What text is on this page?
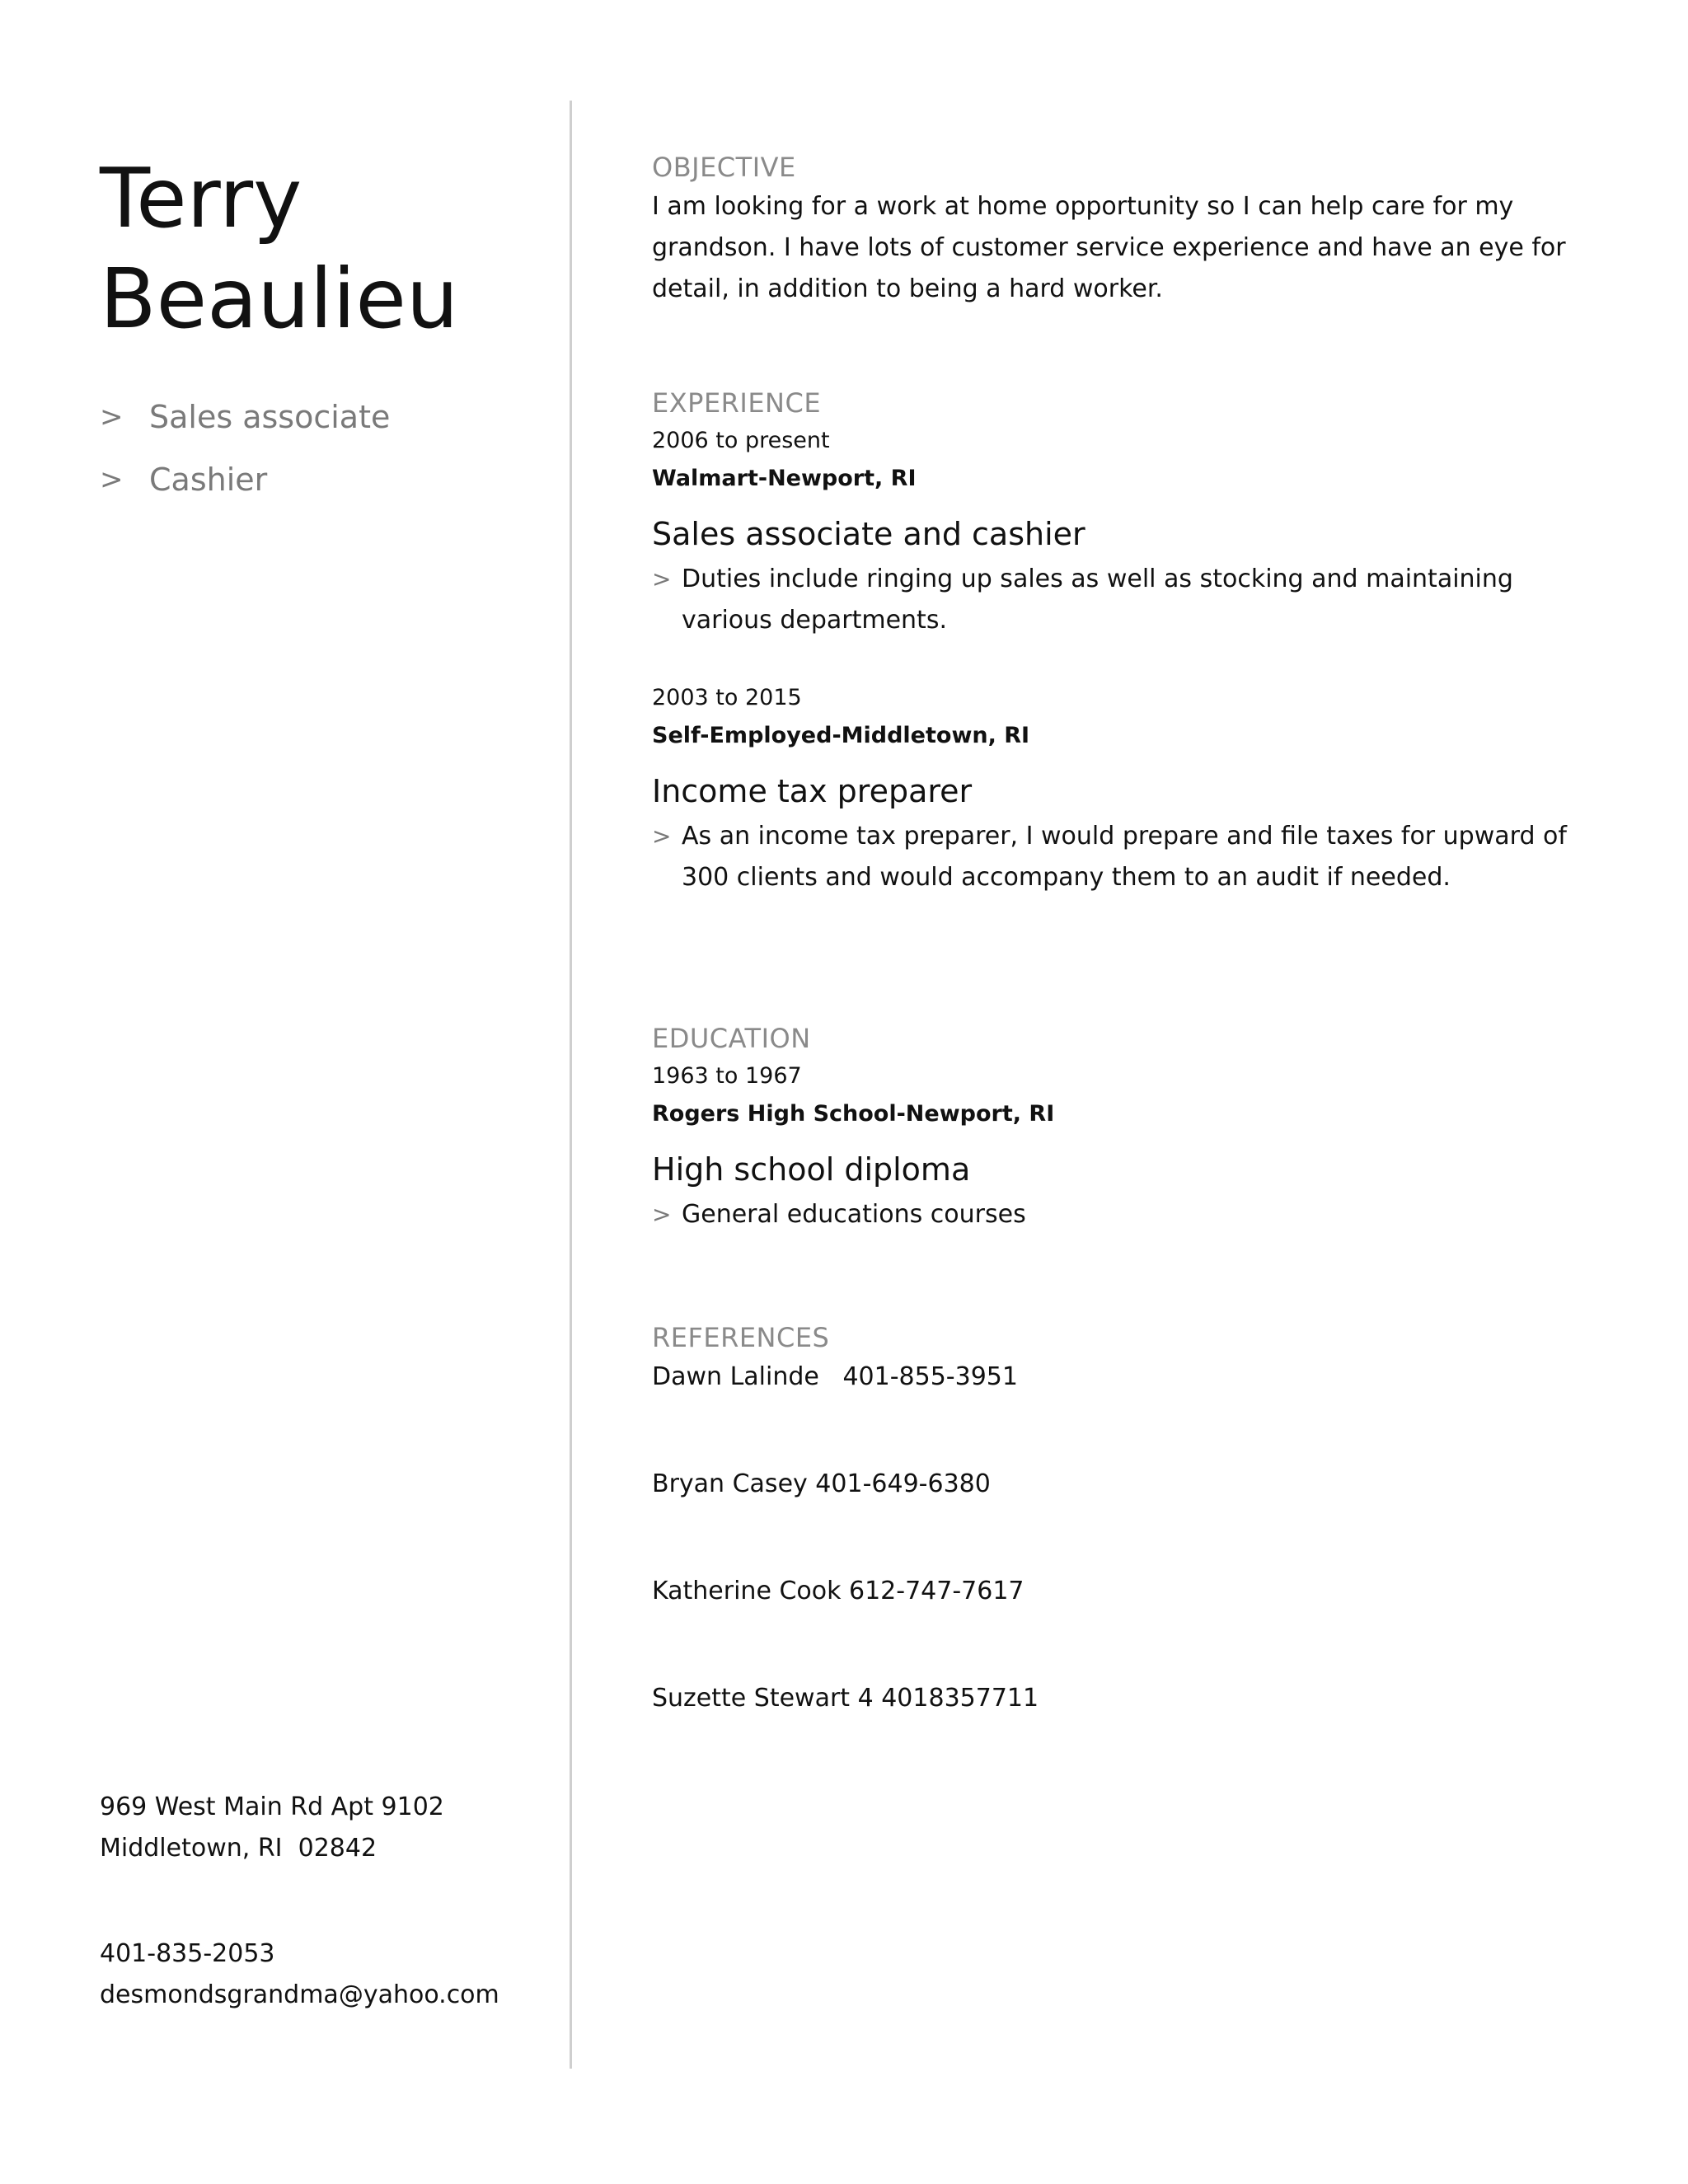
Terry
Beaulieu
> Sales associate
> Cashier
969 West Main Rd Apt 9102
Middletown, RI  02842
401-835-2053
desmondsgrandma@yahoo.com
OBJECTIVE
I am looking for a work at home opportunity so I can help care for my grandson. I have lots of customer service experience and have an eye for detail, in addition to being a hard worker.
EXPERIENCE
2006 to present
Walmart-Newport, RI
Sales associate and cashier
> Duties include ringing up sales as well as stocking and maintaining various departments.
2003 to 2015
Self-Employed-Middletown, RI
Income tax preparer
> As an income tax preparer, I would prepare and file taxes for upward of 300 clients and would accompany them to an audit if needed.
EDUCATION
1963 to 1967
Rogers High School-Newport, RI
High school diploma
> General educations courses
REFERENCES
Dawn Lalinde   401-855-3951
Bryan Casey 401-649-6380
Katherine Cook 612-747-7617
Suzette Stewart 4 4018357711
